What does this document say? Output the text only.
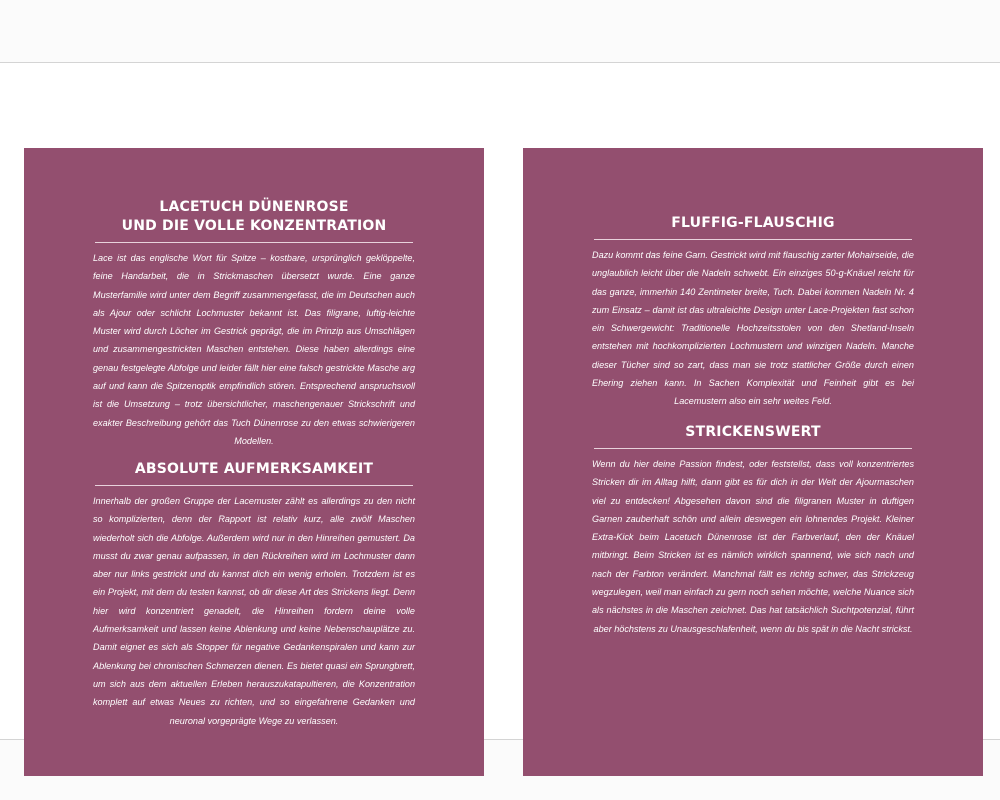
LACETUCH DÜNENROSE
UND DIE VOLLE KONZENTRATION

Lace ist das englische Wort für Spitze – kostbare, ursprünglich geklöppelte, feine Handarbeit, die in Strickmaschen übersetzt wurde. Eine ganze Musterfamilie wird unter dem Begriff zusammengefasst, die im Deutschen auch als Ajour oder schlicht Lochmuster bekannt ist. Das filigrane, luftig-leichte Muster wird durch Löcher im Gestrick geprägt, die im Prinzip aus Umschlägen und zusammengestrickten Maschen entstehen. Diese haben allerdings eine genau festgelegte Abfolge und leider fällt hier eine falsch gestrickte Masche arg auf und kann die Spitzenoptik empfindlich stören. Entsprechend anspruchsvoll ist die Umsetzung – trotz übersichtlicher, maschengenauer Strickschrift und exakter Beschreibung gehört das Tuch Dünenrose zu den etwas schwierigeren Modellen.

ABSOLUTE AUFMERKSAMKEIT

Innerhalb der großen Gruppe der Lacemuster zählt es allerdings zu den nicht so komplizierten, denn der Rapport ist relativ kurz, alle zwölf Maschen wiederholt sich die Abfolge. Außerdem wird nur in den Hinreihen gemustert. Da musst du zwar genau aufpassen, in den Rückreihen wird im Lochmuster dann aber nur links gestrickt und du kannst dich ein wenig erholen. Trotzdem ist es ein Projekt, mit dem du testen kannst, ob dir diese Art des Strickens liegt. Denn hier wird konzentriert genadelt, die Hinreihen fordern deine volle Aufmerksamkeit und lassen keine Ablenkung und keine Nebenschauplätze zu. Damit eignet es sich als Stopper für negative Gedankenspiralen und kann zur Ablenkung bei chronischen Schmerzen dienen. Es bietet quasi ein Sprungbrett, um sich aus dem aktuellen Erleben herauszukatapultieren, die Konzentration komplett auf etwas Neues zu richten, und so eingefahrene Gedanken und neuronal vorgeprägte Wege zu verlassen.

FLUFFIG-FLAUSCHIG

Dazu kommt das feine Garn. Gestrickt wird mit flauschig zarter Mohairseide, die unglaublich leicht über die Nadeln schwebt. Ein einziges 50-g-Knäuel reicht für das ganze, immerhin 140 Zentimeter breite, Tuch. Dabei kommen Nadeln Nr. 4 zum Einsatz – damit ist das ultraleichte Design unter Lace-Projekten fast schon ein Schwergewicht: Traditionelle Hochzeitsstolen von den Shetland-Inseln entstehen mit hochkomplizierten Lochmustern und winzigen Nadeln. Manche dieser Tücher sind so zart, dass man sie trotz stattlicher Größe durch einen Ehering ziehen kann. In Sachen Komplexität und Feinheit gibt es bei Lacemustern also ein sehr weites Feld.

STRICKENSWERT

Wenn du hier deine Passion findest, oder feststellst, dass voll konzentriertes Stricken dir im Alltag hilft, dann gibt es für dich in der Welt der Ajourmaschen viel zu entdecken! Abgesehen davon sind die filigranen Muster in duftigen Garnen zauberhaft schön und allein deswegen ein lohnendes Projekt. Kleiner Extra-Kick beim Lacetuch Dünenrose ist der Farbverlauf, den der Knäuel mitbringt. Beim Stricken ist es nämlich wirklich spannend, wie sich nach und nach der Farbton verändert. Manchmal fällt es richtig schwer, das Strickzeug wegzulegen, weil man einfach zu gern noch sehen möchte, welche Nuance sich als nächstes in die Maschen zeichnet. Das hat tatsächlich Suchtpotenzial, führt aber höchstens zu Unausgeschlafenheit, wenn du bis spät in die Nacht strickst.
